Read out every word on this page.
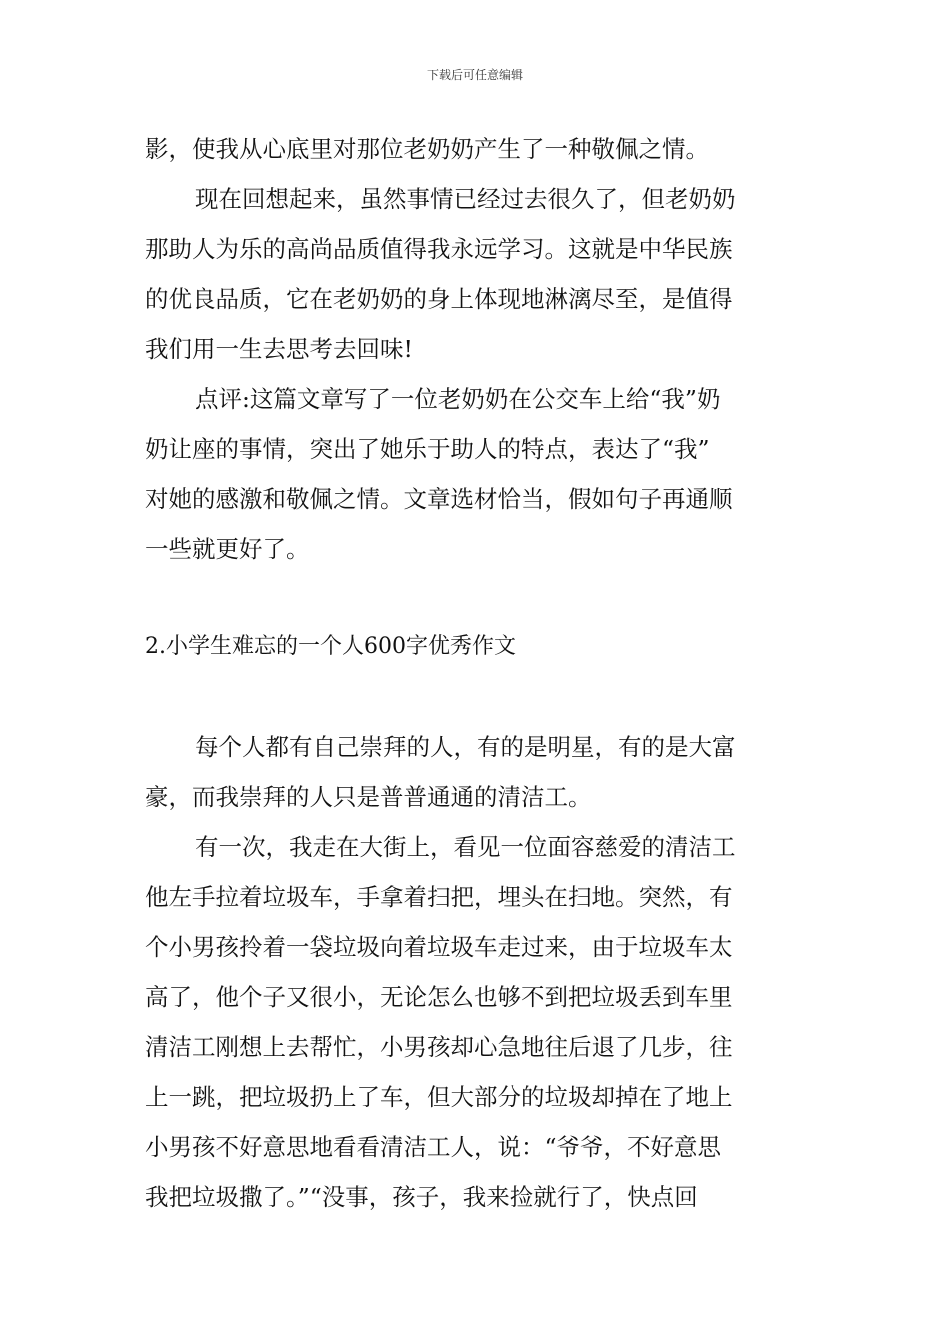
下载后可任意编辑
影，使我从心底里对那位老奶奶产生了一种敬佩之情。
现在回想起来，虽然事情已经过去很久了，但老奶奶
那助人为乐的高尚品质值得我永远学习。这就是中华民族
的优良品质，它在老奶奶的身上体现地淋漓尽至，是值得
我们用一生去思考去回味!
点评:这篇文章写了一位老奶奶在公交车上给“我”奶
奶让座的事情，突出了她乐于助人的特点，表达了“我”
对她的感激和敬佩之情。文章选材恰当，假如句子再通顺
一些就更好了。
2.小学生难忘的一个人600字优秀作文
每个人都有自己崇拜的人，有的是明星，有的是大富
豪，而我崇拜的人只是普普通通的清洁工。
有一次，我走在大街上，看见一位面容慈爱的清洁工
他左手拉着垃圾车，手拿着扫把，埋头在扫地。突然，有
个小男孩拎着一袋垃圾向着垃圾车走过来，由于垃圾车太
高了，他个子又很小，无论怎么也够不到把垃圾丢到车里
清洁工刚想上去帮忙，小男孩却心急地往后退了几步，往
上一跳，把垃圾扔上了车，但大部分的垃圾却掉在了地上
小男孩不好意思地看看清洁工人，说：“爷爷，不好意思
我把垃圾撒了。”“没事，孩子，我来捡就行了，快点回
